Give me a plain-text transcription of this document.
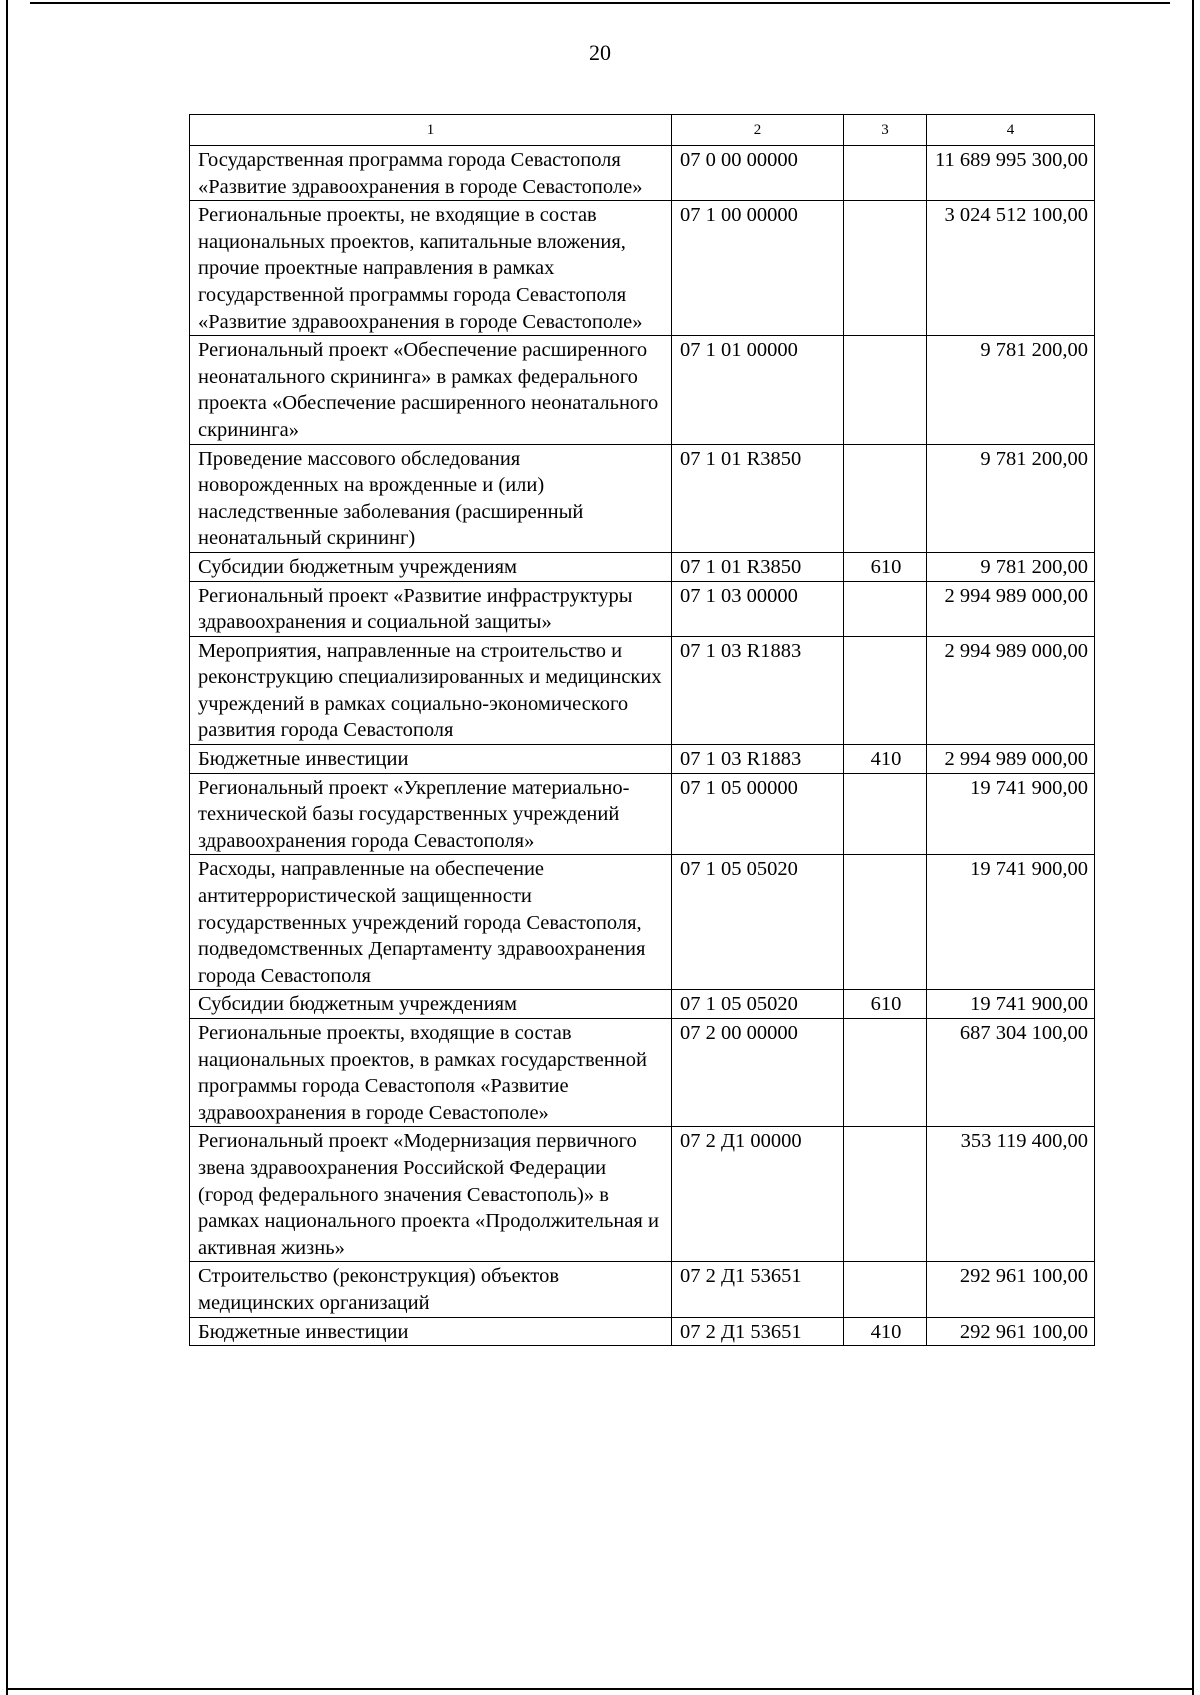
20
1	2	3	4
Государственная программа города Севастополя «Развитие здравоохранения в городе Севастополе»	07 0 00 00000		11 689 995 300,00
Региональные проекты, не входящие в состав национальных проектов, капитальные вложения, прочие проектные направления в рамках государственной программы города Севастополя «Развитие здравоохранения в городе Севастополе»	07 1 00 00000		3 024 512 100,00
Региональный проект «Обеспечение расширенного неонатального скрининга» в рамках федерального проекта «Обеспечение расширенного неонатального скрининга»	07 1 01 00000		9 781 200,00
Проведение массового обследования новорожденных на врожденные и (или) наследственные заболевания (расширенный неонатальный скрининг)	07 1 01 R3850		9 781 200,00
Субсидии бюджетным учреждениям	07 1 01 R3850	610	9 781 200,00
Региональный проект «Развитие инфраструктуры здравоохранения и социальной защиты»	07 1 03 00000		2 994 989 000,00
Мероприятия, направленные на строительство и реконструкцию специализированных и медицинских учреждений в рамках социально-экономического развития города Севастополя	07 1 03 R1883		2 994 989 000,00
Бюджетные инвестиции	07 1 03 R1883	410	2 994 989 000,00
Региональный проект «Укрепление материально-технической базы государственных учреждений здравоохранения города Севастополя»	07 1 05 00000		19 741 900,00
Расходы, направленные на обеспечение антитеррористической защищенности государственных учреждений города Севастополя, подведомственных Департаменту здравоохранения города Севастополя	07 1 05 05020		19 741 900,00
Субсидии бюджетным учреждениям	07 1 05 05020	610	19 741 900,00
Региональные проекты, входящие в состав национальных проектов, в рамках государственной программы города Севастополя «Развитие здравоохранения в городе Севастополе»	07 2 00 00000		687 304 100,00
Региональный проект «Модернизация первичного звена здравоохранения Российской Федерации (город федерального значения Севастополь)» в рамках национального проекта «Продолжительная и активная жизнь»	07 2 Д1 00000		353 119 400,00
Строительство (реконструкция) объектов медицинских организаций	07 2 Д1 53651		292 961 100,00
Бюджетные инвестиции	07 2 Д1 53651	410	292 961 100,00
